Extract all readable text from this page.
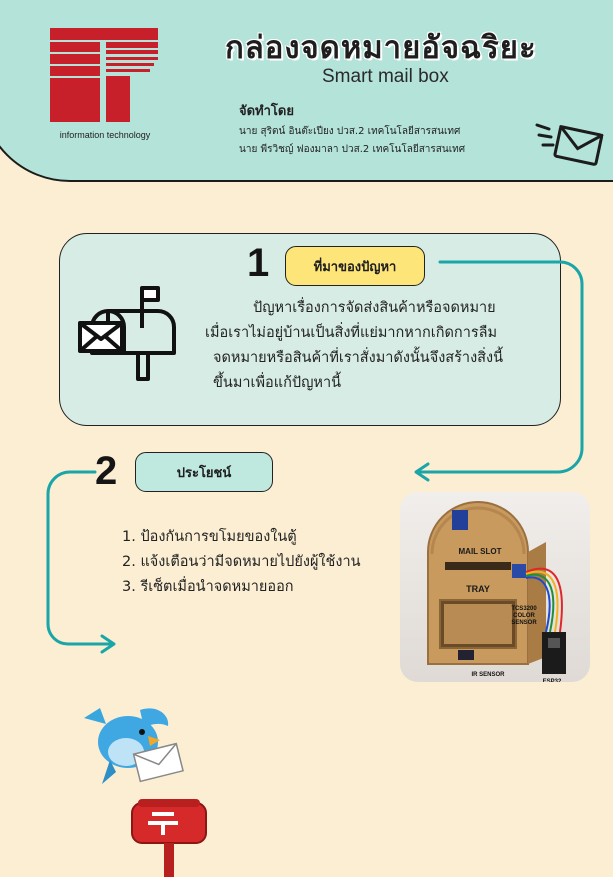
information technology
กล่องจดหมายอัจฉริยะ
Smart mail box
จัดทำโดย
นาย สุริตน์ อินต๊ะเปียง ปวส.2 เทคโนโลยีสารสนเทศ
นาย พีรวิชญ์ ฟองมาลา ปวส.2 เทคโนโลยีสารสนเทศ
1	ที่มาของปัญหา

ปัญหาเรื่องการจัดส่งสินค้าหรือจดหมาย

เมื่อเราไม่อยู่บ้านเป็นสิ่งที่แย่มากหากเกิดการลืม

จดหมายหรือสินค้าที่เราสั่งมาดังนั้นจึงสร้างสิ่งนี้

ขึ้นมาเพื่อแก้ปัญหานี้

2	ประโยชน์
1. ป้องกันการขโมยของในตู้
2. แจ้งเตือนว่ามีจดหมายไปยังผู้ใช้งาน
3. รีเซ็ตเมื่อนำจดหมายออก
MAIL SLOT
TRAY
TCS3200
COLOR
SENSOR
IR SENSOR
ESP32
